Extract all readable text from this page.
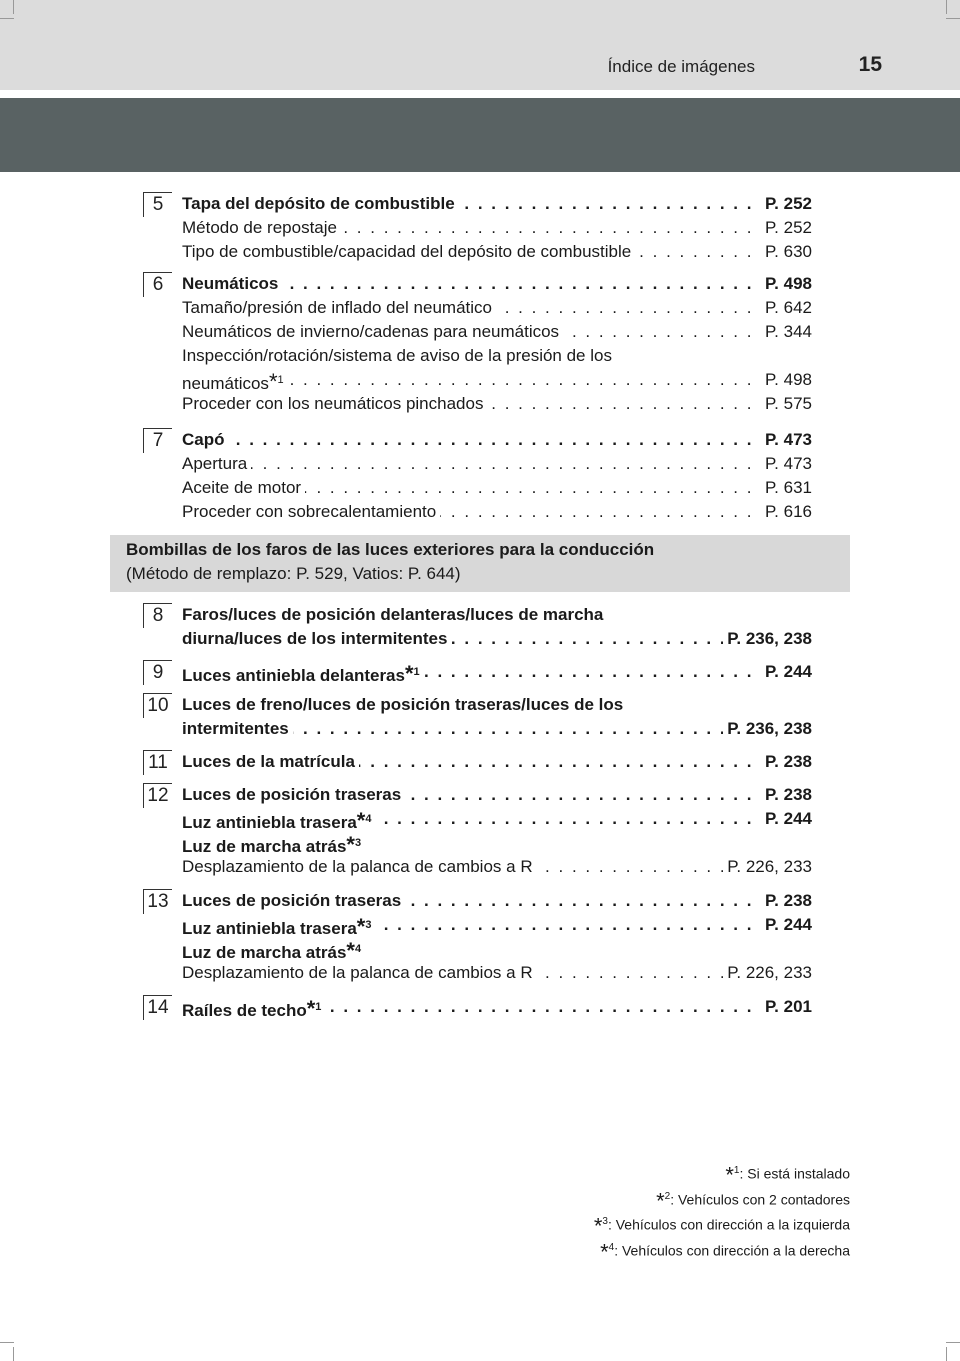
Índice de imágenes	15
5 . . .	Tapa del depósito de combustible	P. 252
. . .
Método de repostaje	P. 252
. . .
Tipo de combustible/capacidad del depósito de combustible	P. 630
6 . . .	Neumáticos	P. 498
. . .
Tamaño/presión de inflado del neumático	P. 642
. . .
Neumáticos de invierno/cadenas para neumáticos	P. 344
Inspección/rotación/sistema de aviso de la presión de los
. . .
neumáticos*$^1$	P. 498
. . .
Proceder con los neumáticos pinchados	P. 575
7 . . .	Capó	P. 473
. . .
Apertura	P. 473
. . .
Aceite de motor	P. 631
. . .
Proceder con sobrecalentamiento	P. 616
Bombillas de los faros de las luces exteriores para la conducción
(Método de remplazo: P. 529, Vatios: P. 644)
8	Faros/luces de posición delanteras/luces de marcha
. . .
diurna/luces de los intermitentes	P. 236, 238
9 . . .	Luces antiniebla delanteras*$^1$	P. 244
10 Luces de freno/luces de posición traseras/luces de los
. . .
intermitentes	P. 236, 238
11 . . . Luces de la matrícula	P. 238
12 . . . Luces de posición traseras	P. 238
. . .
Luz antiniebla trasera*$^4$	P. 244
Luz de marcha atrás*$^3$
. . .
Desplazamiento de la palanca de cambios a R	P. 226, 233
13 . . . Luces de posición traseras	P. 238
. . .
Luz antiniebla trasera*$^3$	P. 244
Luz de marcha atrás*$^4$
. . .
Desplazamiento de la palanca de cambios a R	P. 226, 233
14 . . . Raíles de techo*$^1$	P. 201
*$^1$: Si está instalado
*$^2$: Vehículos con 2 contadores
*$^3$: Vehículos con dirección a la izquierda
*$^4$: Vehículos con dirección a la derecha
